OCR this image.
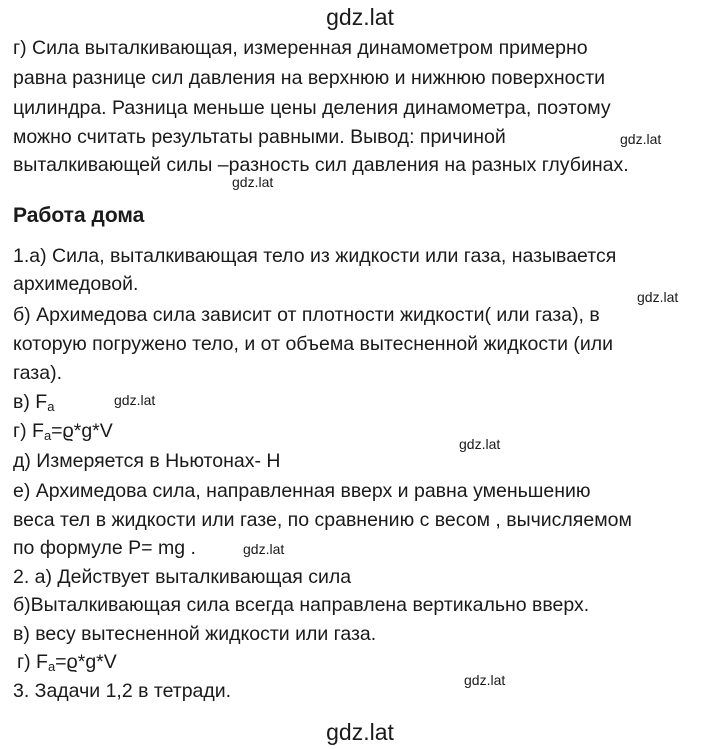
gdz.lat
г) Сила выталкивающая, измеренная динамометром примерно
равна разнице сил давления на верхнюю и нижнюю поверхности
цилиндра. Разница меньше цены деления динамометра, поэтому
можно считать результаты равными. Вывод: причиной	gdz.lat
выталкивающей силы –разность сил давления на разных глубинах.
gdz.lat
Работа дома
1.а) Сила, выталкивающая тело из жидкости или газа, называется
архимедовой.
gdz.lat
б) Архимедова сила зависит от плотности жидкости( или газа), в
которую погружено тело, и от объема вытесненной жидкости (или
газа).
в) $F_a$	gdz.lat
г) $F_a=ϱ*g*V$
gdz.lat
д) Измеряется в Ньютонах- Н
е) Архимедова сила, направленная вверх и равна уменьшению
веса тел в жидкости или газе, по сравнению с весом , вычисляемом
по формуле P= mg .	gdz.lat
2. а) Действует выталкивающая сила
б)Выталкивающая сила всегда направлена вертикально вверх.
в) весу вытесненной жидкости или газа.
г) $F_a=ϱ*g*V$
gdz.lat
3. Задачи 1,2 в тетради.
gdz.lat
